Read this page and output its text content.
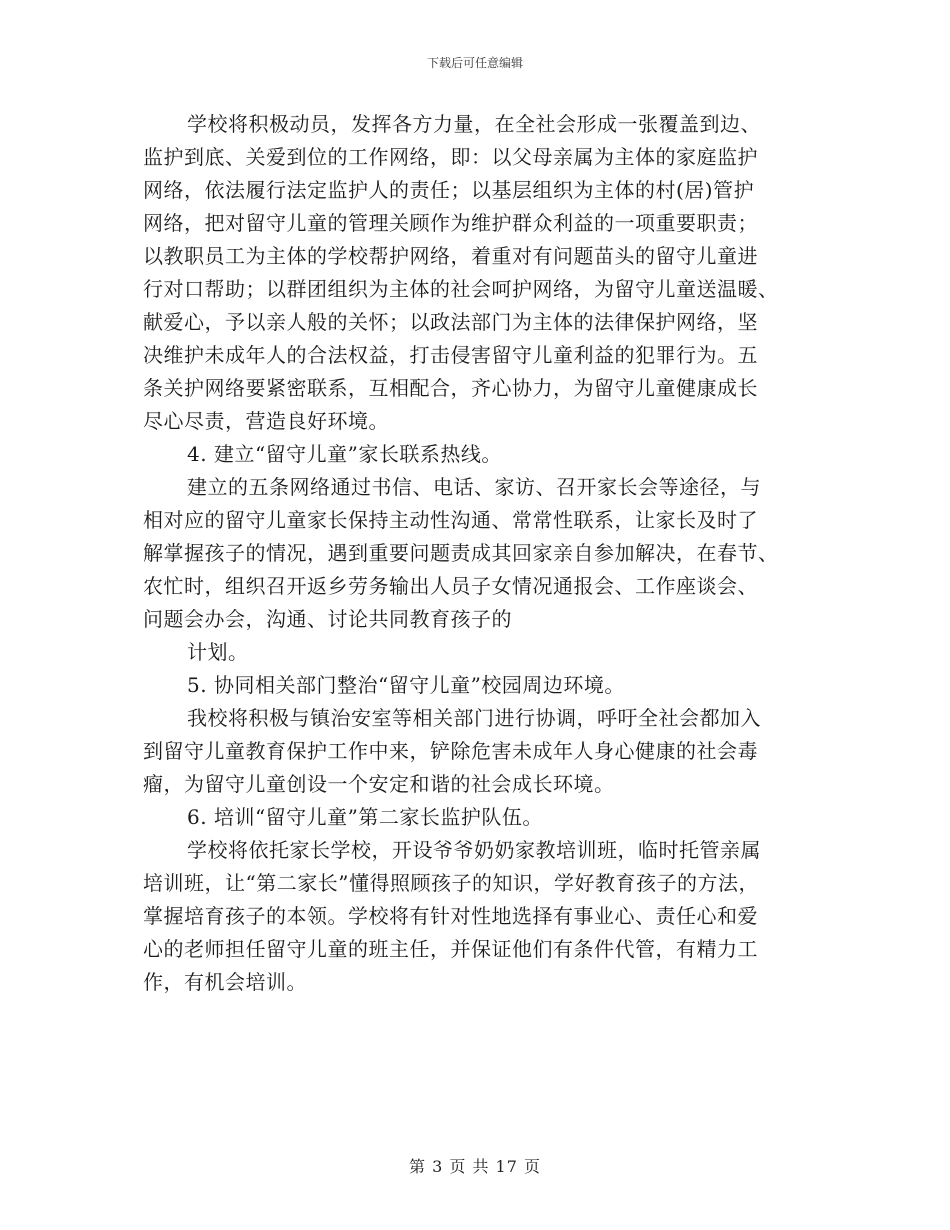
下载后可任意编辑
学校将积极动员，发挥各方力量，在全社会形成一张覆盖到边、
监护到底、关爱到位的工作网络，即：以父母亲属为主体的家庭监护
网络，依法履行法定监护人的责任；以基层组织为主体的村(居)管护
网络，把对留守儿童的管理关顾作为维护群众利益的一项重要职责；
以教职员工为主体的学校帮护网络，着重对有问题苗头的留守儿童进
行对口帮助；以群团组织为主体的社会呵护网络，为留守儿童送温暖、
献爱心，予以亲人般的关怀；以政法部门为主体的法律保护网络，坚
决维护未成年人的合法权益，打击侵害留守儿童利益的犯罪行为。五
条关护网络要紧密联系，互相配合，齐心协力，为留守儿童健康成长
尽心尽责，营造良好环境。
4. 建立“留守儿童”家长联系热线。
建立的五条网络通过书信、电话、家访、召开家长会等途径，与
相对应的留守儿童家长保持主动性沟通、常常性联系，让家长及时了
解掌握孩子的情况，遇到重要问题责成其回家亲自参加解决，在春节、
农忙时，组织召开返乡劳务输出人员子女情况通报会、工作座谈会、
问题会办会，沟通、讨论共同教育孩子的
计划。
5. 协同相关部门整治“留守儿童”校园周边环境。
我校将积极与镇治安室等相关部门进行协调，呼吁全社会都加入
到留守儿童教育保护工作中来，铲除危害未成年人身心健康的社会毒
瘤，为留守儿童创设一个安定和谐的社会成长环境。
6. 培训“留守儿童”第二家长监护队伍。
学校将依托家长学校，开设爷爷奶奶家教培训班，临时托管亲属
培训班，让“第二家长”懂得照顾孩子的知识，学好教育孩子的方法，
掌握培育孩子的本领。学校将有针对性地选择有事业心、责任心和爱
心的老师担任留守儿童的班主任，并保证他们有条件代管，有精力工
作，有机会培训。
第 3 页 共 17 页
